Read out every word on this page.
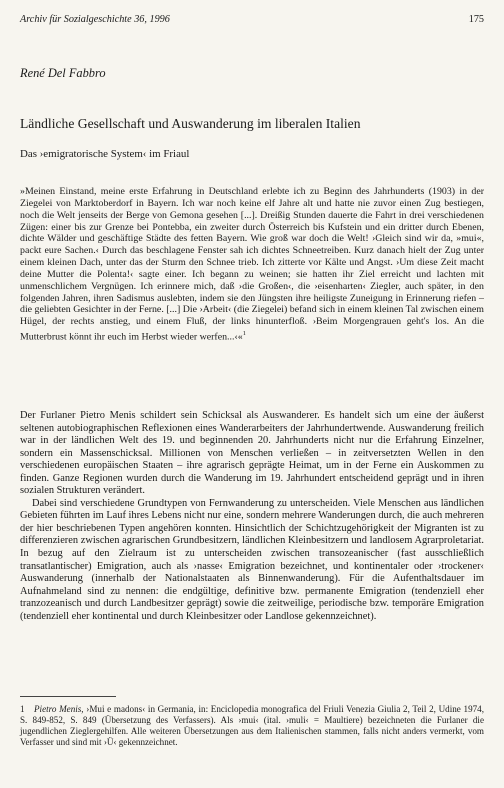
Archiv für Sozialgeschichte 36, 1996	175
René Del Fabbro
Ländliche Gesellschaft und Auswanderung im liberalen Italien
Das ›emigratorische System‹ im Friaul
»Meinen Einstand, meine erste Erfahrung in Deutschland erlebte ich zu Beginn des Jahrhunderts (1903) in der Ziegelei von Marktoberdorf in Bayern. Ich war noch keine elf Jahre alt und hatte nie zuvor einen Zug bestiegen, noch die Welt jenseits der Berge von Gemona gesehen [...]. Dreißig Stunden dauerte die Fahrt in drei verschiedenen Zügen: einer bis zur Grenze bei Pontebba, ein zweiter durch Österreich bis Kufstein und ein dritter durch Ebenen, dichte Wälder und geschäftige Städte des fetten Bayern. Wie groß war doch die Welt! ›Gleich sind wir da, »mui«, packt eure Sachen.‹ Durch das beschlagene Fenster sah ich dichtes Schneetreiben. Kurz danach hielt der Zug unter einem kleinen Dach, unter das der Sturm den Schnee trieb. Ich zitterte vor Kälte und Angst. ›Um diese Zeit macht deine Mutter die Polenta!‹ sagte einer. Ich begann zu weinen; sie hatten ihr Ziel erreicht und lachten mit unmenschlichem Vergnügen. Ich erinnere mich, daß ›die Großen‹, die ›eisenharten‹ Ziegler, auch später, in den folgenden Jahren, ihren Sadismus auslebten, indem sie den Jüngsten ihre heiligste Zuneigung in Erinnerung riefen – die geliebten Gesichter in der Ferne. [...] Die ›Arbeit‹ (die Ziegelei) befand sich in einem kleinen Tal zwischen einem Hügel, der rechts anstieg, und einem Fluß, der links hinunterfloß. ›Beim Morgengrauen geht's los. An die Mutterbrust könnt ihr euch im Herbst wieder werfen...‹«$^1$

Der Furlaner Pietro Menis schildert sein Schicksal als Auswanderer. Es handelt sich um eine der äußerst seltenen autobiographischen Reflexionen eines Wanderarbeiters der Jahrhundertwende. Auswanderung freilich war in der ländlichen Welt des 19. und beginnenden 20. Jahrhunderts nicht nur die Erfahrung Einzelner, sondern ein Massenschicksal. Millionen von Menschen verließen – in zeitversetzten Wellen in den verschiedenen europäischen Staaten – ihre agrarisch geprägte Heimat, um in der Ferne ein Auskommen zu finden. Ganze Regionen wurden durch die Wanderung im 19. Jahrhundert entscheidend geprägt und in ihren sozialen Strukturen verändert.

Dabei sind verschiedene Grundtypen von Fernwanderung zu unterscheiden. Viele Menschen aus ländlichen Gebieten führten im Lauf ihres Lebens nicht nur eine, sondern mehrere Wanderungen durch, die auch mehreren der hier beschriebenen Typen angehören konnten. Hinsichtlich der Schichtzugehörigkeit der Migranten ist zu differenzieren zwischen agrarischen Grundbesitzern, ländlichen Kleinbesitzern und landlosem Agrarproletariat. In bezug auf den Zielraum ist zu unterscheiden zwischen transozeanischer (fast ausschließlich transatlantischer) Emigration, auch als ›nasse‹ Emigration bezeichnet, und kontinentaler oder ›trockener‹ Auswanderung (innerhalb der Nationalstaaten als Binnenwanderung). Für die Aufenthaltsdauer im Aufnahmeland sind zu nennen: die endgültige, definitive bzw. permanente Emigration (tendenziell eher tranzozeanisch und durch Landbesitzer geprägt) sowie die zeitweilige, periodische bzw. temporäre Emigration (tendenziell eher kontinental und durch Kleinbesitzer oder Landlose gekennzeichnet).

1 Pietro Menis, ›Mui e madons‹ in Germania, in: Enciclopedia monografica del Friuli Venezia Giulia 2, Teil 2, Udine 1974, S. 849-852, S. 849 (Übersetzung des Verfassers). Als ›mui‹ (ital. ›muli‹ = Maultiere) bezeichneten die Furlaner die jugendlichen Zieglergehilfen. Alle weiteren Übersetzungen aus dem Italienischen stammen, falls nicht anders vermerkt, vom Verfasser und sind mit ›Ü‹ gekennzeichnet.
